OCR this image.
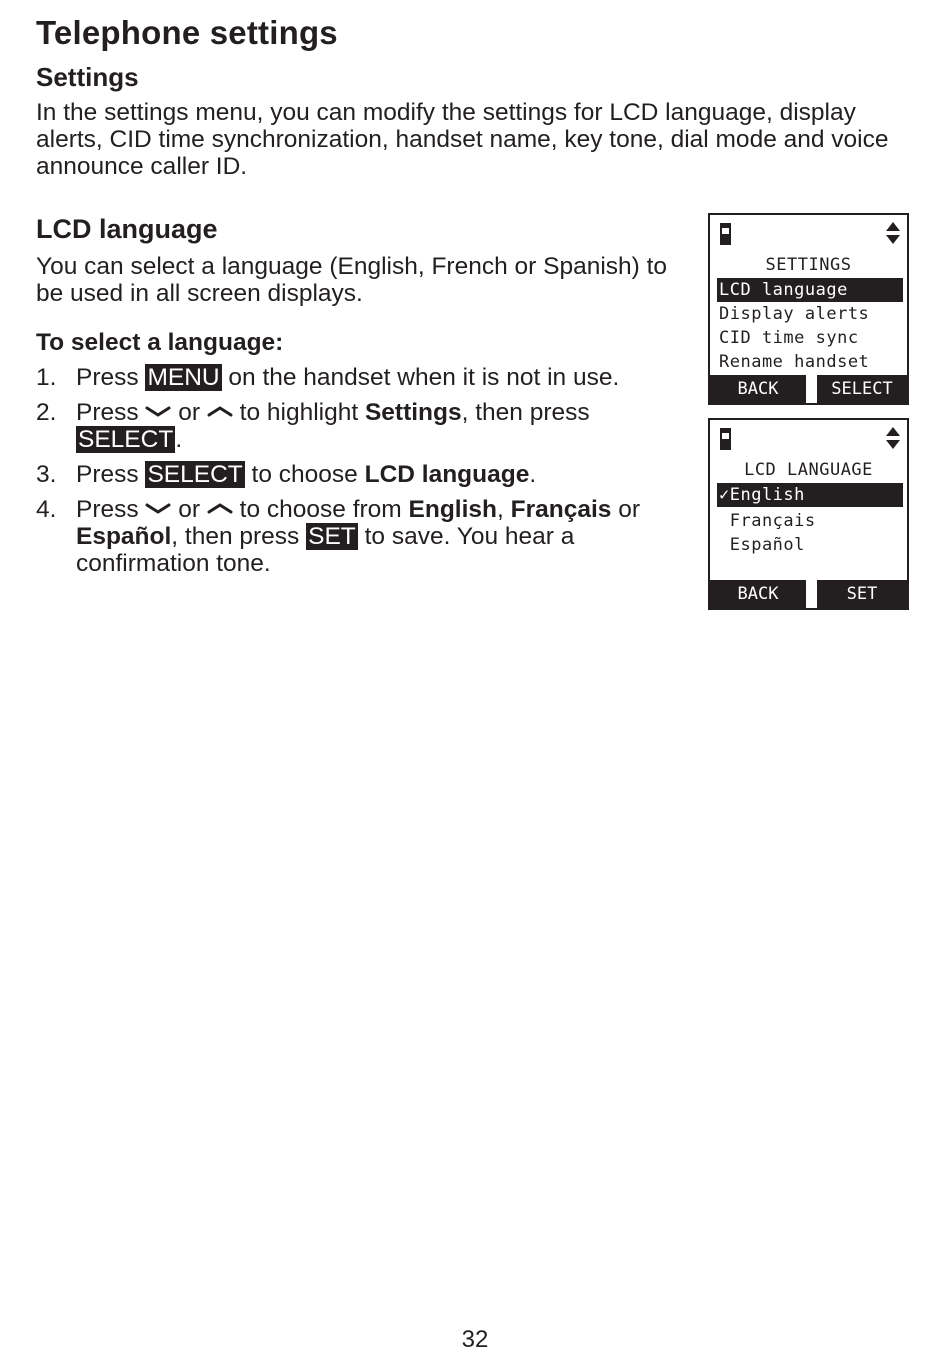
Telephone settings
Settings

In the settings menu, you can modify the settings for LCD language, display alerts, CID time synchronization, handset name, key tone, dial mode and voice announce caller ID.

LCD language

You can select a language (English, French or Spanish) to be used in all screen displays.

To select a language:

1. Press MENU on the handset when it is not in use.
2. Press
or
to highlight Settings, then press SELECT.
3. Press SELECT to choose LCD language.
4. Press
or
to choose from English, Français or Español, then press SET to save. You hear a confirmation tone.
SETTINGS
LCD language
Display alerts
CID time sync
Rename handset
BACK	SELECT
LCD LANGUAGE
✓English
Français
Español
BACK	SET

32
